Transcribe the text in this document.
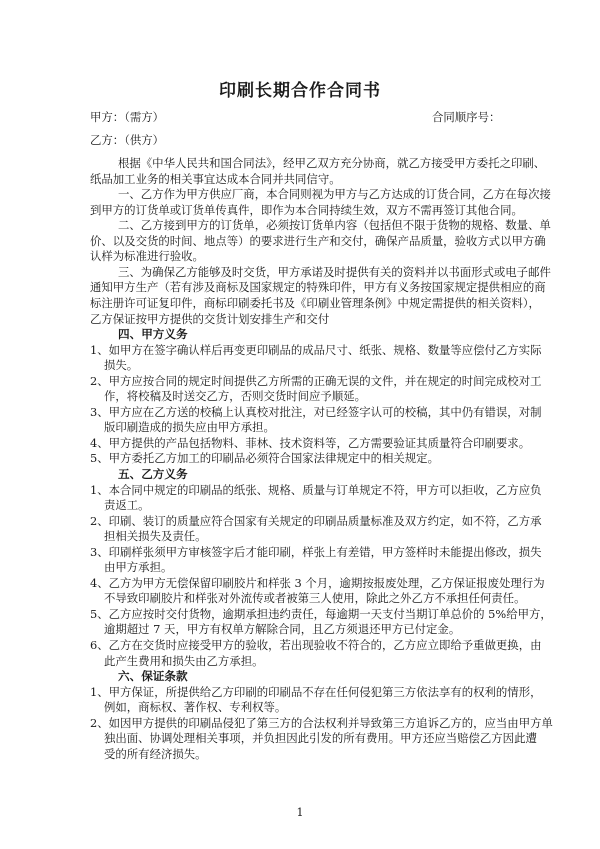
印刷长期合作合同书
甲方：（需方）	合同顺序号：
乙方：（供方）
根据《中华人民共和国合同法》，经甲乙双方充分协商，就乙方接受甲方委托之印刷、
纸品加工业务的相关事宜达成本合同并共同信守。
一、乙方作为甲方供应厂商，本合同则视为甲方与乙方达成的订货合同，乙方在每次接
到甲方的订货单或订货单传真件，即作为本合同持续生效，双方不需再签订其他合同。
二、乙方接到甲方的订货单，必须按订货单内容（包括但不限于货物的规格、数量、单
价、以及交货的时间、地点等）的要求进行生产和交付，确保产品质量，验收方式以甲方确
认样为标准进行验收。
三、为确保乙方能够及时交货，甲方承诺及时提供有关的资料并以书面形式或电子邮件
通知甲方生产（若有涉及商标及国家规定的特殊印件，甲方有义务按国家规定提供相应的商
标注册许可证复印件，商标印刷委托书及《印刷业管理条例》中规定需提供的相关资料），
乙方保证按甲方提供的交货计划安排生产和交付
四、甲方义务
1、如甲方在签字确认样后再变更印刷品的成品尺寸、纸张、规格、数量等应偿付乙方实际
损失。
2、甲方应按合同的规定时间提供乙方所需的正确无误的文件，并在规定的时间完成校对工
作，将校稿及时送交乙方，否则交货时间应予顺延。
3、甲方应在乙方送的校稿上认真校对批注，对已经签字认可的校稿，其中仍有错误，对制
版印刷造成的损失应由甲方承担。
4、甲方提供的产品包括物料、菲林、技术资料等，乙方需要验证其质量符合印刷要求。
5、甲方委托乙方加工的印刷品必须符合国家法律规定中的相关规定。
五、乙方义务
1、本合同中规定的印刷品的纸张、规格、质量与订单规定不符，甲方可以拒收，乙方应负
责返工。
2、印刷、装订的质量应符合国家有关规定的印刷品质量标准及双方约定，如不符，乙方承
担相关损失及责任。
3、印刷样张须甲方审核签字后才能印刷，样张上有差错，甲方签样时未能提出修改，损失
由甲方承担。
4、乙方为甲方无偿保留印刷胶片和样张 3 个月，逾期按报废处理，乙方保证报废处理行为
不导致印刷胶片和样张对外流传或者被第三人使用，除此之外乙方不承担任何责任。
5、乙方应按时交付货物，逾期承担违约责任，每逾期一天支付当期订单总价的 5%给甲方，
逾期超过 7 天，甲方有权单方解除合同，且乙方须退还甲方已付定金。
6、乙方在交货时应接受甲方的验收，若出现验收不符合的，乙方应立即给予重做更换，由
此产生费用和损失由乙方承担。
六、保证条款
1、甲方保证，所提供给乙方印刷的印刷品不存在任何侵犯第三方依法享有的权利的情形，
例如，商标权、著作权、专利权等。
2、如因甲方提供的印刷品侵犯了第三方的合法权利并导致第三方追诉乙方的，应当由甲方单
独出面、协调处理相关事项，并负担因此引发的所有费用。甲方还应当赔偿乙方因此遭
受的所有经济损失。
1
